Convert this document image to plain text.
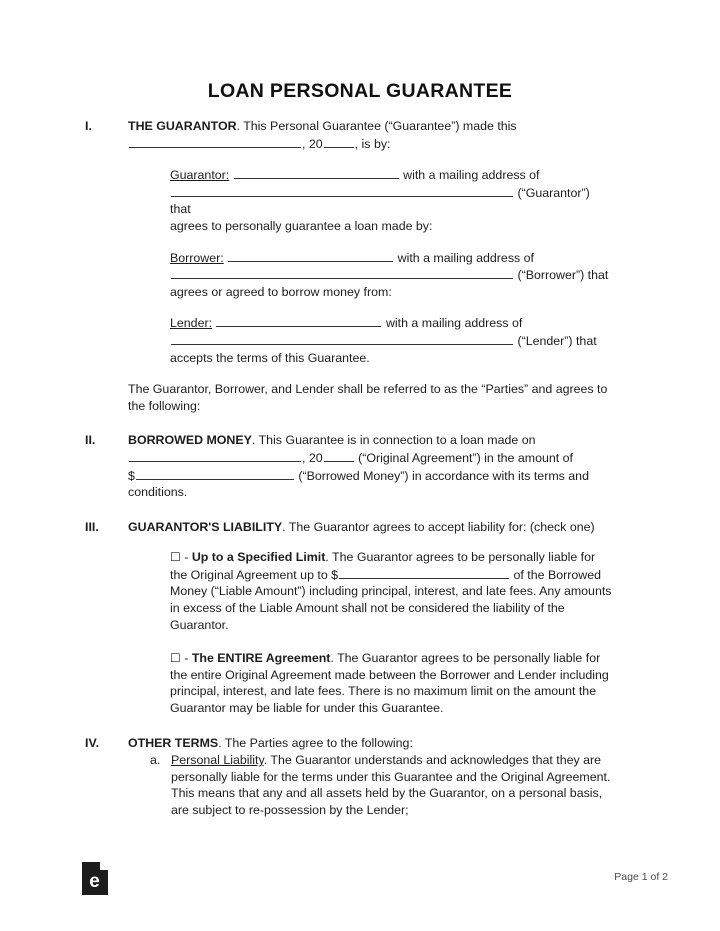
LOAN PERSONAL GUARANTEE
I.	THE GUARANTOR. This Personal Guarantee (“Guarantee”) made this
, 20	, is by:

Guarantor:	with a mailing address of

(“Guarantor”) that

agrees to personally guarantee a loan made by:

Borrower:	with a mailing address of

(“Borrower”) that

agrees or agreed to borrow money from:

Lender:	with a mailing address of

(“Lender”) that

accepts the terms of this Guarantee.

The Guarantor, Borrower, and Lender shall be referred to as the “Parties” and agrees to the following:

II.	BORROWED MONEY. This Guarantee is in connection to a loan made on
, 20	(“Original Agreement”) in the amount of
$	(“Borrowed Money”) in accordance with its terms and conditions.

III. GUARANTOR'S LIABILITY. The Guarantor agrees to accept liability for: (check one)

☐ - Up to a Specified Limit. The Guarantor agrees to be personally liable for the Original Agreement up to $	of the Borrowed Money (“Liable Amount”) including principal, interest, and late fees. Any amounts in excess of the Liable Amount shall not be considered the liability of the Guarantor.

☐ - The ENTIRE Agreement. The Guarantor agrees to be personally liable for the entire Original Agreement made between the Borrower and Lender including principal, interest, and late fees. There is no maximum limit on the amount the Guarantor may be liable for under this Guarantee.

IV. OTHER TERMS. The Parties agree to the following:

a. Personal Liability. The Guarantor understands and acknowledges that they are personally liable for the terms under this Guarantee and the Original Agreement. This means that any and all assets held by the Guarantor, on a personal basis, are subject to re-possession by the Lender;
e	Page 1 of 2
